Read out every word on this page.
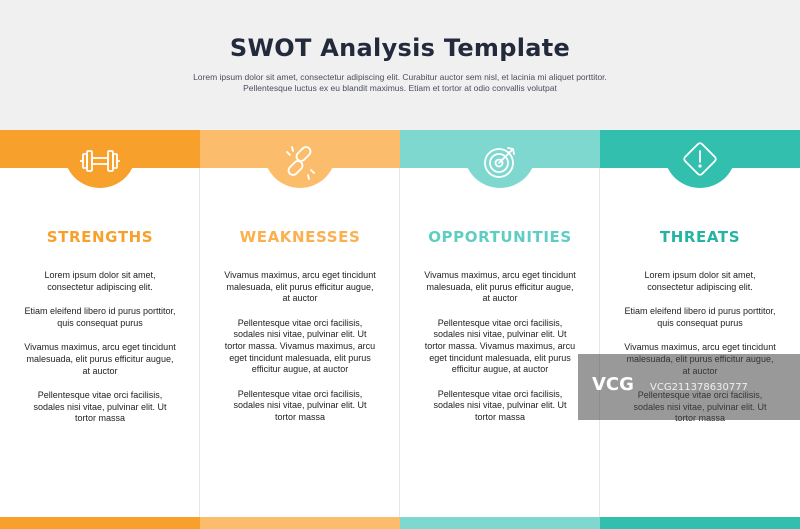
SWOT Analysis Template
Lorem ipsum dolor sit amet, consectetur adipiscing elit. Curabitur auctor sem nisl, et lacinia mi aliquet porttitor. Pellentesque luctus ex eu blandit maximus. Etiam et tortor at odio convallis volutpat
STRENGTHS

Lorem ipsum dolor sit amet, consectetur adipiscing elit.

Etiam eleifend libero id purus porttitor, quis consequat purus

Vivamus maximus, arcu eget tincidunt malesuada, elit purus efficitur augue, at auctor

Pellentesque vitae orci facilisis, sodales nisi vitae, pulvinar elit. Ut tortor massa

WEAKNESSES

Vivamus maximus, arcu eget tincidunt malesuada, elit purus efficitur augue, at auctor

Pellentesque vitae orci facilisis, sodales nisi vitae, pulvinar elit. Ut tortor massa. Vivamus maximus, arcu eget tincidunt malesuada, elit purus efficitur augue, at auctor

Pellentesque vitae orci facilisis, sodales nisi vitae, pulvinar elit. Ut tortor massa

OPPORTUNITIES

Vivamus maximus, arcu eget tincidunt malesuada, elit purus efficitur augue, at auctor

Pellentesque vitae orci facilisis, sodales nisi vitae, pulvinar elit. Ut tortor massa. Vivamus maximus, arcu eget tincidunt malesuada, elit purus efficitur augue, at auctor

Pellentesque vitae orci facilisis, sodales nisi vitae, pulvinar elit. Ut tortor massa

THREATS

Lorem ipsum dolor sit amet, consectetur adipiscing elit.

Etiam eleifend libero id purus porttitor, quis consequat purus

Vivamus maximus, arcu eget tincidunt

VCG VCG211378630777
